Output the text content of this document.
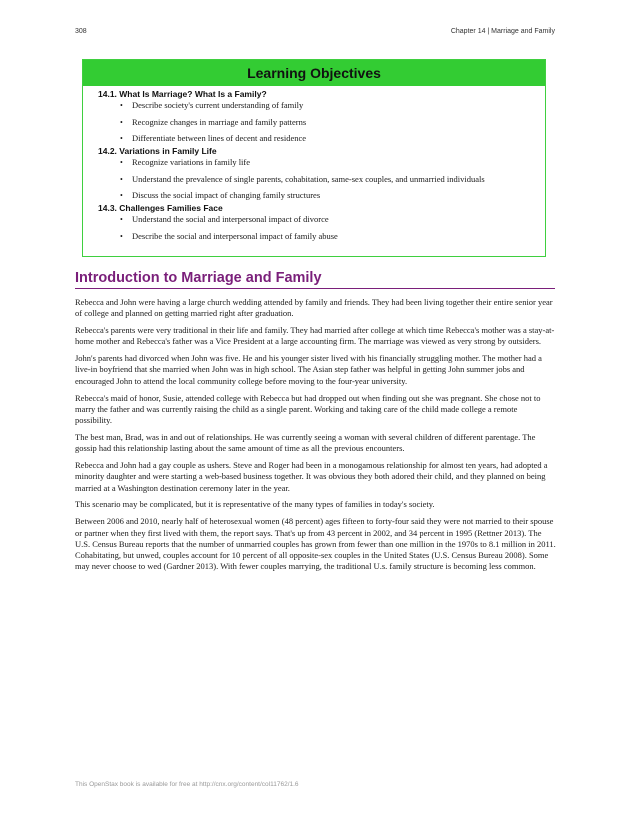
308	Chapter 14 | Marriage and Family
Learning Objectives
14.1. What Is Marriage? What Is a Family?
• Describe society's current understanding of family
• Recognize changes in marriage and family patterns
• Differentiate between lines of decent and residence
14.2. Variations in Family Life
• Recognize variations in family life
• Understand the prevalence of single parents, cohabitation, same-sex couples, and unmarried individuals
• Discuss the social impact of changing family structures
14.3. Challenges Families Face
• Understand the social and interpersonal impact of divorce
• Describe the social and interpersonal impact of family abuse
Introduction to Marriage and Family

Rebecca and John were having a large church wedding attended by family and friends. They had been living together their entire senior year of college and planned on getting married right after graduation.

Rebecca's parents were very traditional in their life and family. They had married after college at which time Rebecca's mother was a stay-at-home mother and Rebecca's father was a Vice President at a large accounting firm. The marriage was viewed as very strong by outsiders.

John's parents had divorced when John was five. He and his younger sister lived with his financially struggling mother. The mother had a live-in boyfriend that she married when John was in high school. The Asian step father was helpful in getting John summer jobs and encouraged John to attend the local community college before moving to the four-year university.

Rebecca's maid of honor, Susie, attended college with Rebecca but had dropped out when finding out she was pregnant. She chose not to marry the father and was currently raising the child as a single parent. Working and taking care of the child made college a remote possibility.

The best man, Brad, was in and out of relationships. He was currently seeing a woman with several children of different parentage. The gossip had this relationship lasting about the same amount of time as all the previous encounters.

Rebecca and John had a gay couple as ushers. Steve and Roger had been in a monogamous relationship for almost ten years, had adopted a minority daughter and were starting a web-based business together. It was obvious they both adored their child, and they planned on being married at a Washington destination ceremony later in the year.

This scenario may be complicated, but it is representative of the many types of families in today's society.

Between 2006 and 2010, nearly half of heterosexual women (48 percent) ages fifteen to forty-four said they were not married to their spouse or partner when they first lived with them, the report says. That's up from 43 percent in 2002, and 34 percent in 1995 (Rettner 2013). The U.S. Census Bureau reports that the number of unmarried couples has grown from fewer than one million in the 1970s to 8.1 million in 2011. Cohabitating, but unwed, couples account for 10 percent of all opposite-sex couples in the United States (U.S. Census Bureau 2008). Some may never choose to wed (Gardner 2013). With fewer couples marrying, the traditional U.s. family structure is becoming less common.

This OpenStax book is available for free at http://cnx.org/content/col11762/1.6
